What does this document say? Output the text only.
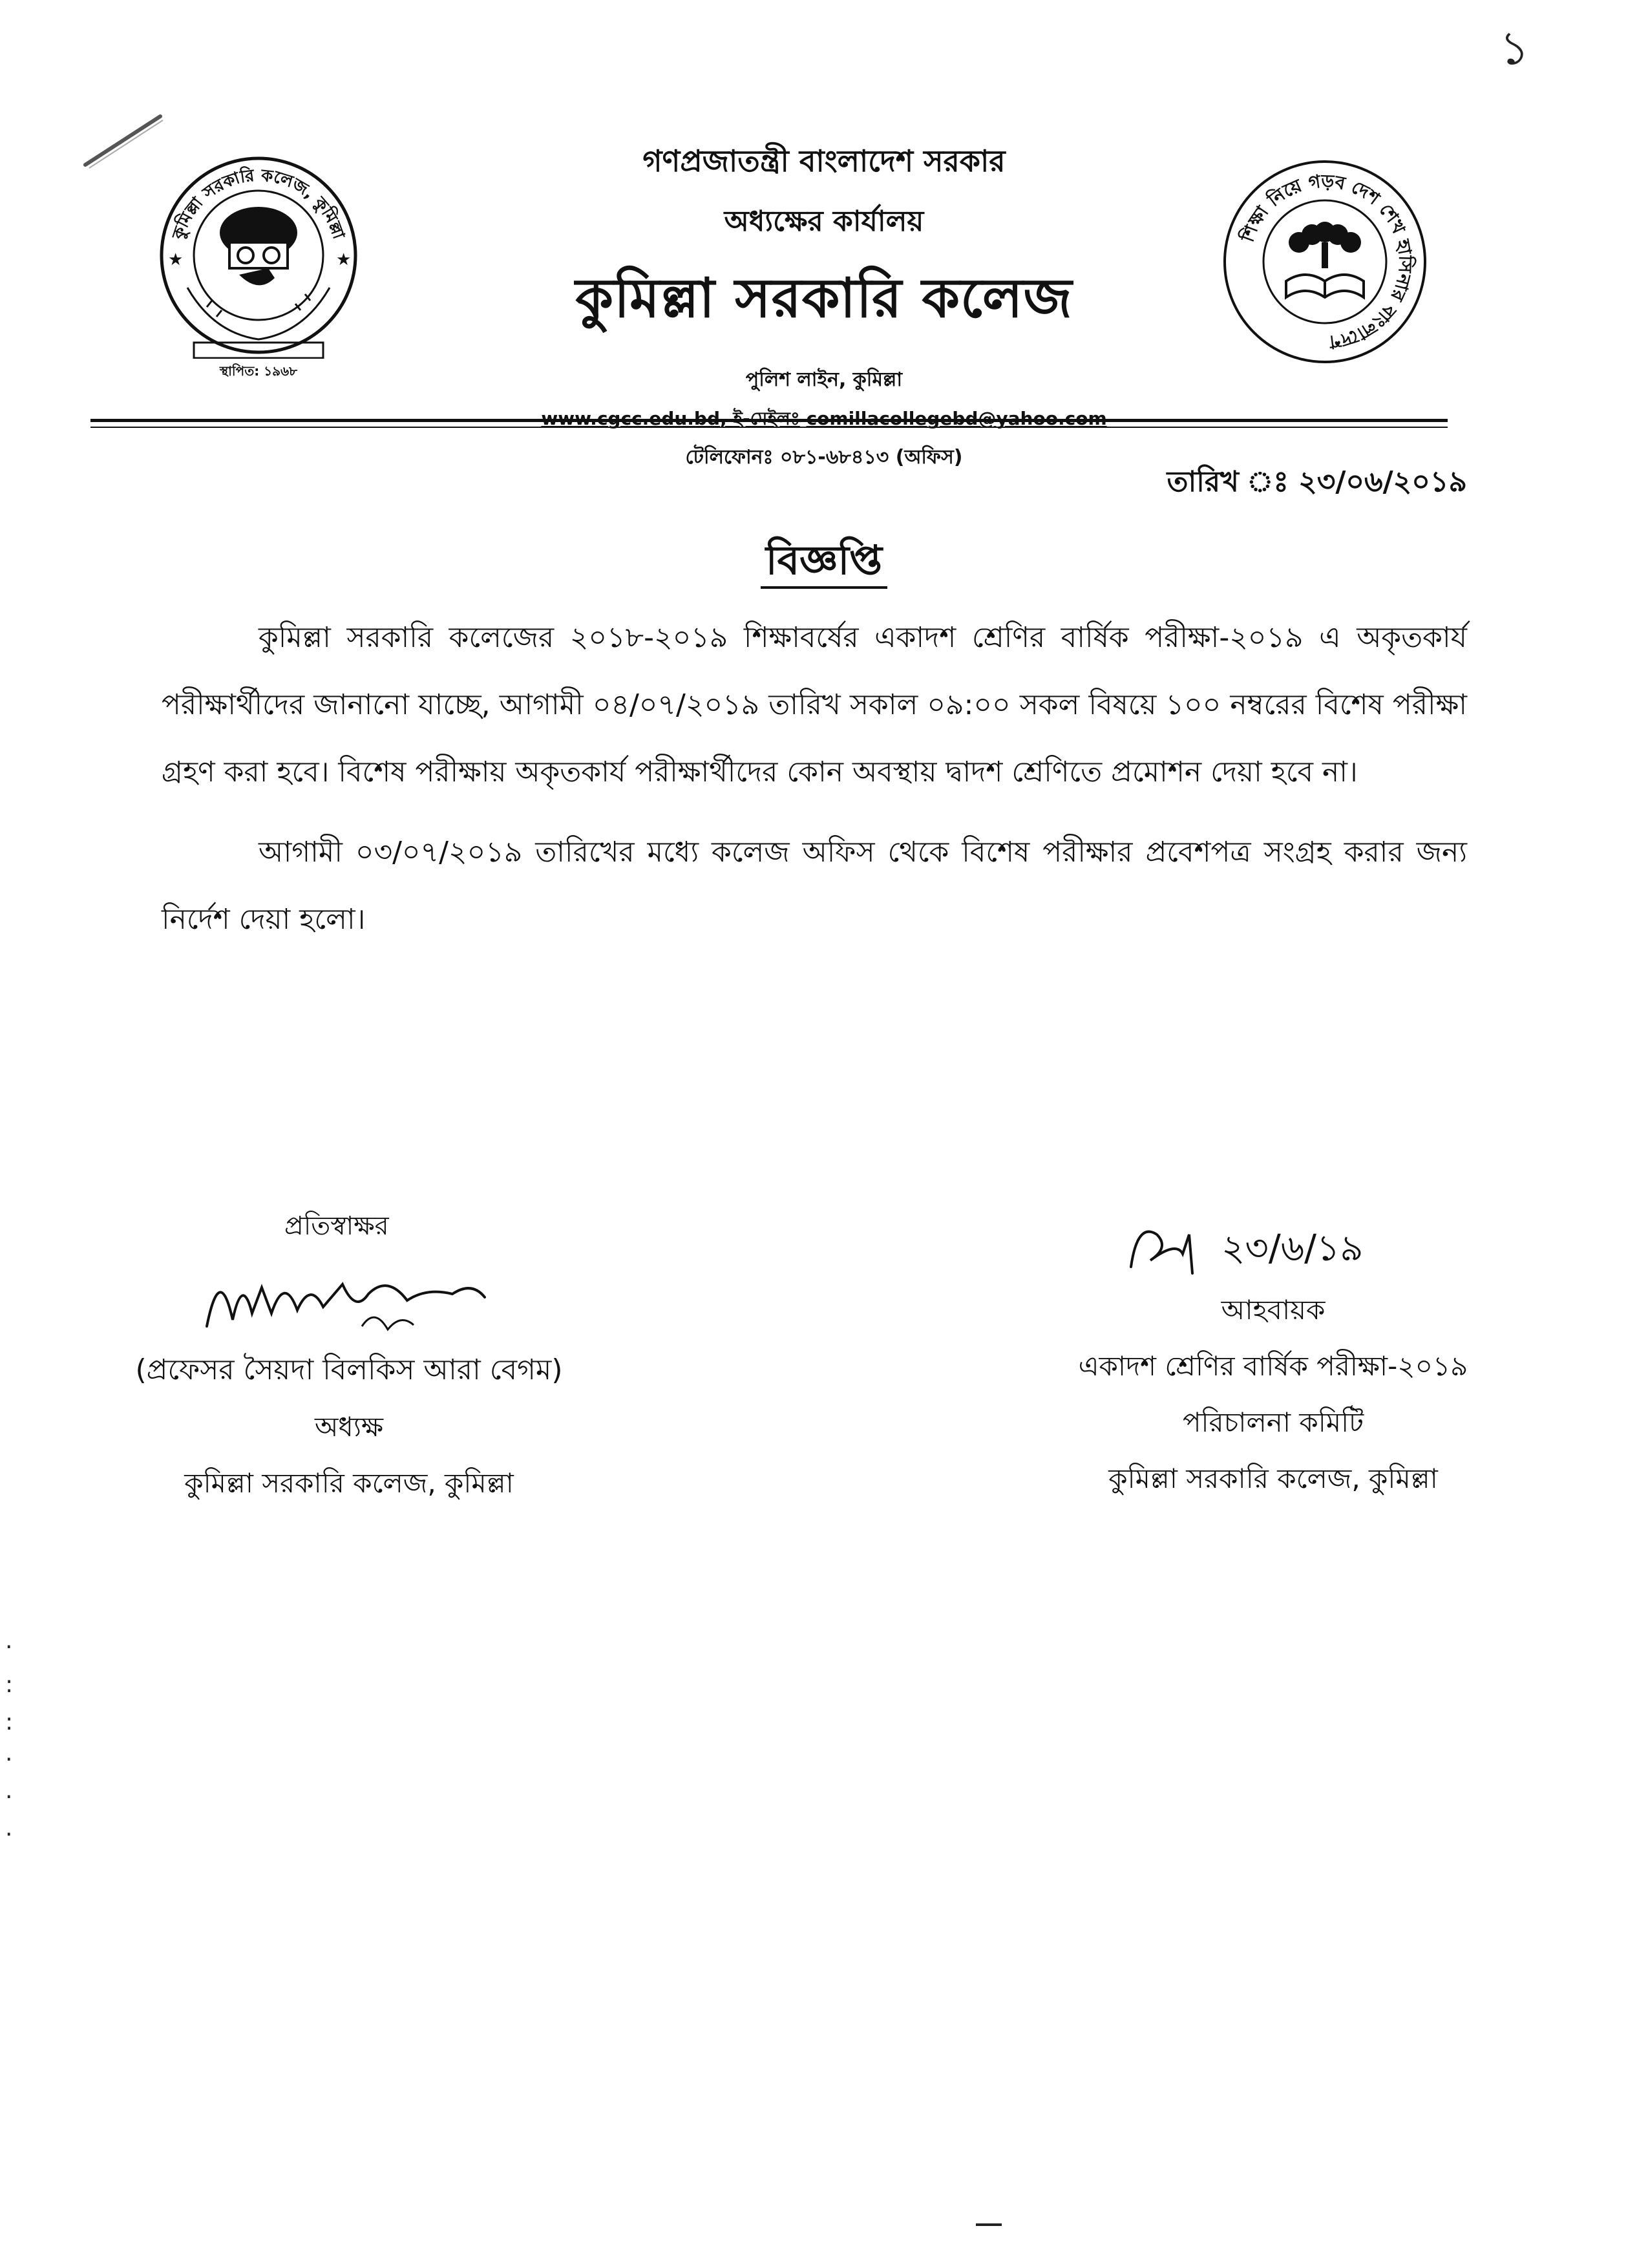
১
কুমিল্লা সরকারি কলেজ, কুমিল্লা
★	★
স্থাপিত: ১৯৬৮
শিক্ষা নিয়ে গড়ব দেশ শেখ হাসিনার বাংলাদেশ
গণপ্রজাতন্ত্রী বাংলাদেশ সরকার
অধ্যক্ষের কার্যালয়
কুমিল্লা সরকারি কলেজ
পুলিশ লাইন, কুমিল্লা
টেলিফোনঃ ০৮১-৬৮৪১৩ (অফিস)
তারিখ ঃ ২৩/০৬/২০১৯
বিজ্ঞপ্তি

কুমিল্লা সরকারি কলেজের ২০১৮-২০১৯ শিক্ষাবর্ষের একাদশ শ্রেণির বার্ষিক পরীক্ষা-২০১৯ এ অকৃতকার্য পরীক্ষার্থীদের জানানো যাচ্ছে, আগামী ০৪/০৭/২০১৯ তারিখ সকাল ০৯:০০ সকল বিষয়ে ১০০ নম্বরের বিশেষ পরীক্ষা গ্রহণ করা হবে। বিশেষ পরীক্ষায় অকৃতকার্য পরীক্ষার্থীদের কোন অবস্থায় দ্বাদশ শ্রেণিতে প্রমোশন দেয়া হবে না।

আগামী ০৩/০৭/২০১৯ তারিখের মধ্যে কলেজ অফিস থেকে বিশেষ পরীক্ষার প্রবেশপত্র সংগ্রহ করার জন্য নির্দেশ দেয়া হলো।

প্রতিস্বাক্ষর
(প্রফেসর সৈয়দা বিলকিস আরা বেগম)
অধ্যক্ষ
কুমিল্লা সরকারি কলেজ, কুমিল্লা
২৩/৬/১৯
আহবায়ক
একাদশ শ্রেণির বার্ষিক পরীক্ষা-২০১৯
পরিচালনা কমিটি
কুমিল্লা সরকারি কলেজ, কুমিল্লা
·
:
:
·
·
·
